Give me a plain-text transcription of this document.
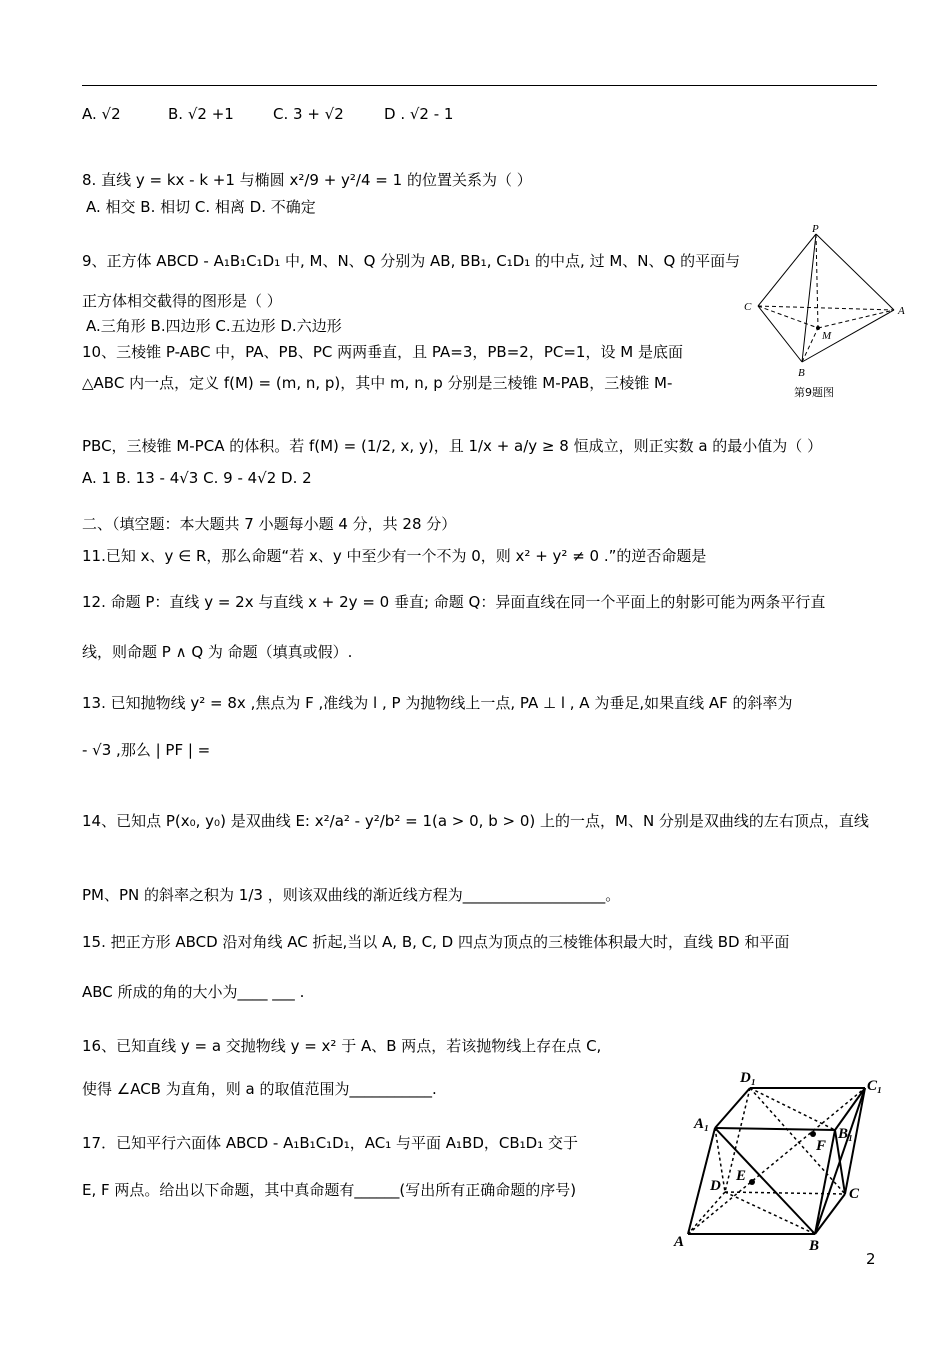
A. √2	B. √2 +1	C. 3 + √2	D . √2 - 1
8. 直线 y = kx - k +1 与椭圆 x²/9 + y²/4 = 1 的位置关系为（ ）
A. 相交 B. 相切 C. 相离 D. 不确定
9、正方体 ABCD - A₁B₁C₁D₁ 中, M、N、Q 分别为 AB, BB₁, C₁D₁ 的中点, 过 M、N、Q 的平面与
正方体相交截得的图形是（ ）
A.三角形 B.四边形 C.五边形 D.六边形
10、三棱锥 P-ABC 中，PA、PB、PC 两两垂直，且 PA=3，PB=2，PC=1，设 M 是底面
△ABC 内一点，定义 f(M) = (m, n, p)，其中 m, n, p 分别是三棱锥 M-PAB，三棱锥 M-
PBC，三棱锥 M-PCA 的体积。若 f(M) = (1/2, x, y)，且 1/x + a/y ≥ 8 恒成立，则正实数 a 的最小值为（ ）
A. 1 B. 13 - 4√3 C. 9 - 4√2 D. 2
P
C	A
M
B
第9题图
二、（填空题：本大题共 7 小题每小题 4 分，共 28 分）
11.已知 x、y ∈ R，那么命题“若 x、y 中至少有一个不为 0，则 x² + y² ≠ 0 .”的逆否命题是
12. 命题 P：直线 y = 2x 与直线 x + 2y = 0 垂直; 命题 Q：异面直线在同一个平面上的射影可能为两条平行直
线，则命题 P ∧ Q 为 命题（填真或假）.
13. 已知抛物线 y² = 8x ,焦点为 F ,准线为 l , P 为抛物线上一点, PA ⊥ l , A 为垂足,如果直线 AF 的斜率为
- √3 ,那么 | PF | =
14、已知点 P(x₀, y₀) 是双曲线 E: x²/a² - y²/b² = 1(a > 0, b > 0) 上的一点，M、N 分别是双曲线的左右顶点，直线
PM、PN 的斜率之积为 1/3 ，则该双曲线的渐近线方程为___________________。
15. 把正方形 ABCD 沿对角线 AC 折起,当以 A, B, C, D 四点为顶点的三棱锥体积最大时，直线 BD 和平面
ABC 所成的角的大小为____ ___ .
16、已知直线 y = a 交抛物线 y = x² 于 A、B 两点，若该抛物线上存在点 C,
使得 ∠ACB 为直角，则 a 的取值范围为___________.
17．已知平行六面体 ABCD - A₁B₁C₁D₁，AC₁ 与平面 A₁BD，CB₁D₁ 交于
E, F 两点。给出以下命题，其中真命题有______(写出所有正确命题的序号)
D₁	C₁
A₁
B₁
F
D
E
C
A	B
2
